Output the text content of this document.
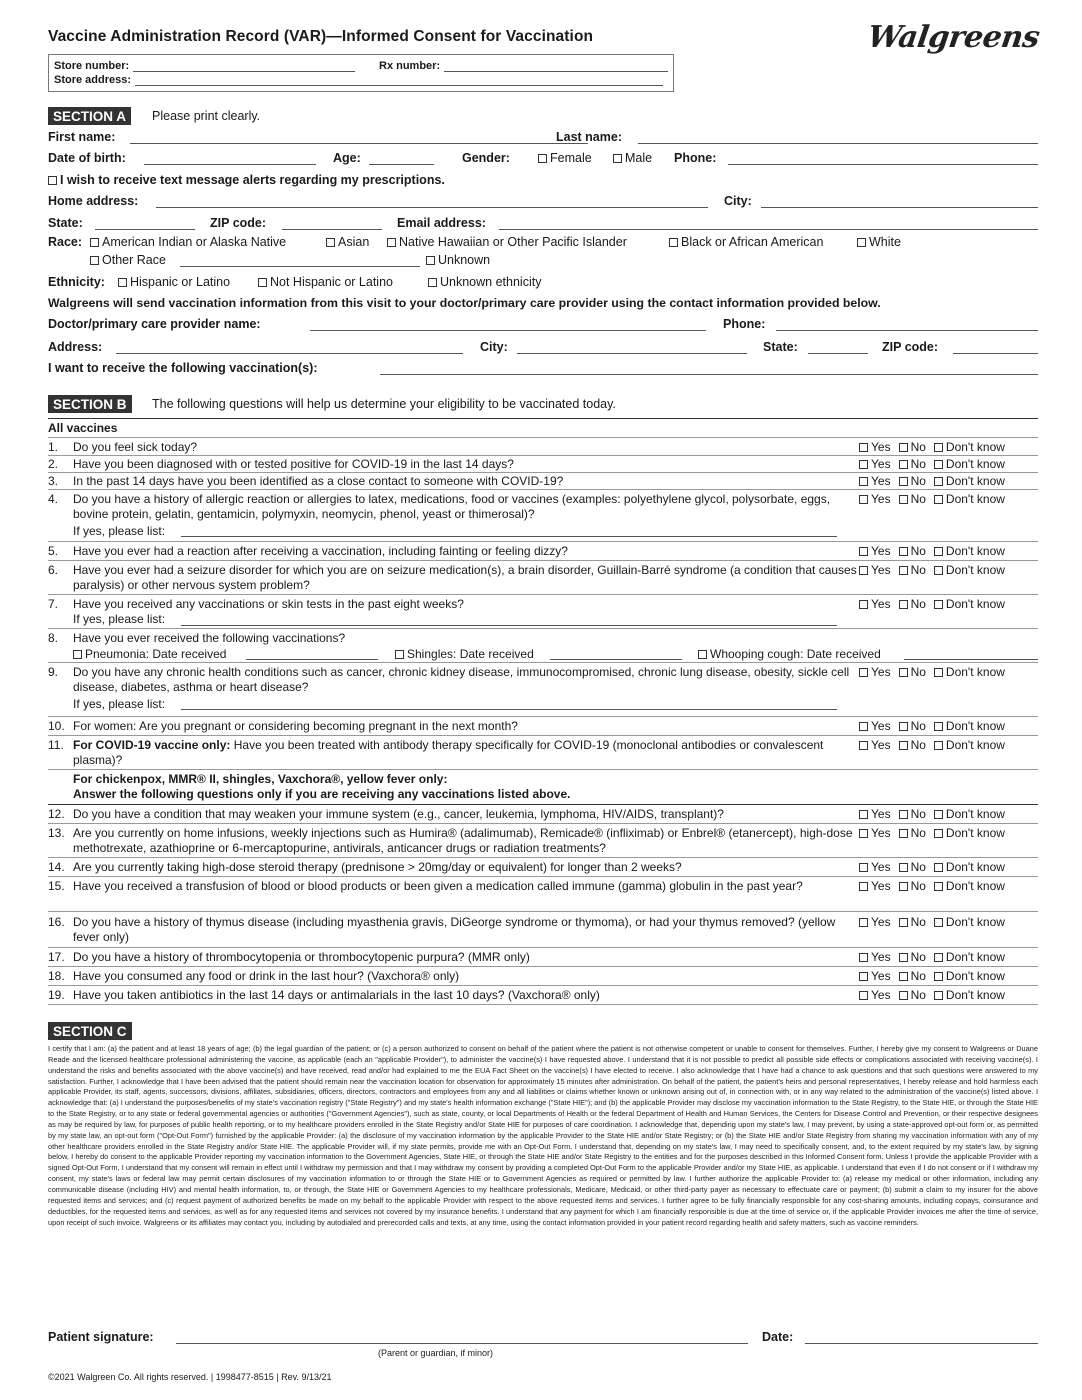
Vaccine Administration Record (VAR)—Informed Consent for Vaccination	Walgreens
Store number:	Rx number:
Store address:
SECTION A	Please print clearly.
First name:	Last name:
Date of birth:	Age:	Gender:	Female	Male Phone:
I wish to receive text message alerts regarding my prescriptions.
Home address:	City:
State:	ZIP code:	Email address:
Race:	American Indian or Alaska Native	Asian	Native Hawaiian or Other Pacific Islander	Black or African American	White
Other Race	Unknown
Ethnicity:	Hispanic or Latino	Not Hispanic or Latino	Unknown ethnicity
Walgreens will send vaccination information from this visit to your doctor/primary care provider using the contact information provided below.
Doctor/primary care provider name:	Phone:
Address:	City:	State:	ZIP code:
I want to receive the following vaccination(s):
SECTION B	The following questions will help us determine your eligibility to be vaccinated today.
All vaccines
1. Do you feel sick today?	Yes No Don't know
2. Have you been diagnosed with or tested positive for COVID-19 in the last 14 days?	Yes No Don't know
3. In the past 14 days have you been identified as a close contact to someone with COVID-19?	Yes No Don't know
4. Do you have a history of allergic reaction or allergies to latex, medications, food or vaccines (examples: polyethylene glycol, polysorbate, eggs, bovine protein, gelatin, gentamicin, polymyxin, neomycin, phenol, yeast or thimerosal)?
Yes No Don't know
If yes, please list:
5. Have you ever had a reaction after receiving a vaccination, including fainting or feeling dizzy?	Yes No Don't know
6. Have you ever had a seizure disorder for which you are on seizure medication(s), a brain disorder, Guillain-Barré syndrome (a condition that causes paralysis) or other nervous system problem?
Yes No Don't know
7. Have you received any vaccinations or skin tests in the past eight weeks?	Yes No Don't know
If yes, please list:
8. Have you ever received the following vaccinations?
Pneumonia: Date received	Shingles: Date received	Whooping cough: Date received
9. Do you have any chronic health conditions such as cancer, chronic kidney disease, immunocompromised, chronic lung disease, obesity, sickle cell disease, diabetes, asthma or heart disease?
Yes No Don't know
If yes, please list:
10. For women: Are you pregnant or considering becoming pregnant in the next month?	Yes No Don't know
11. For COVID-19 vaccine only: Have you been treated with antibody therapy specifically for COVID-19 (monoclonal antibodies or convalescent plasma)?
Yes No Don't know
For chickenpox, MMR® II, shingles, Vaxchora®, yellow fever only:
Answer the following questions only if you are receiving any vaccinations listed above.
12. Do you have a condition that may weaken your immune system (e.g., cancer, leukemia, lymphoma, HIV/AIDS, transplant)?	Yes No Don't know
13. Are you currently on home infusions, weekly injections such as Humira® (adalimumab), Remicade® (infliximab) or Enbrel® (etanercept), high-dose methotrexate, azathioprine or 6-mercaptopurine, antivirals, anticancer drugs or radiation treatments?
Yes No Don't know
14. Are you currently taking high-dose steroid therapy (prednisone > 20mg/day or equivalent) for longer than 2 weeks?	Yes No Don't know
15. Have you received a transfusion of blood or blood products or been given a medication called immune (gamma) globulin in the past year?	Yes No Don't know
16. Do you have a history of thymus disease (including myasthenia gravis, DiGeorge syndrome or thymoma), or had your thymus removed? (yellow fever only)
Yes No Don't know
17. Do you have a history of thrombocytopenia or thrombocytopenic purpura? (MMR only)	Yes No Don't know
18. Have you consumed any food or drink in the last hour? (Vaxchora® only)	Yes No Don't know
19. Have you taken antibiotics in the last 14 days or antimalarials in the last 10 days? (Vaxchora® only)	Yes No Don't know
SECTION C
I certify that I am: (a) the patient and at least 18 years of age; (b) the legal guardian of the patient; or (c) a person authorized to consent on behalf of the patient where the patient is not otherwise competent or unable to consent for themselves. Further, I hereby give my consent to Walgreens or Duane Reade and the licensed healthcare professional administering the vaccine, as applicable (each an "applicable Provider"), to administer the vaccine(s) I have requested above. I understand that it is not possible to predict all possible side effects or complications associated with receiving vaccine(s). I understand the risks and benefits associated with the above vaccine(s) and have received, read and/or had explained to me the EUA Fact Sheet on the vaccine(s) I have elected to receive. I also acknowledge that I have had a chance to ask questions and that such questions were answered to my satisfaction. Further, I acknowledge that I have been advised that the patient should remain near the vaccination location for observation for approximately 15 minutes after administration. On behalf of the patient, the patient's heirs and personal representatives, I hereby release and hold harmless each applicable Provider, its staff, agents, successors, divisions, affiliates, subsidiaries, officers, directors, contractors and employees from any and all liabilities or claims whether known or unknown arising out of, in connection with, or in any way related to the administration of the vaccine(s) listed above. I acknowledge that: (a) I understand the purposes/benefits of my state's vaccination registry ("State Registry") and my state's health information exchange ("State HIE"); and (b) the applicable Provider may disclose my vaccination information to the State Registry, to the State HIE, or through the State HIE to the State Registry, or to any state or federal governmental agencies or authorities ("Government Agencies"), such as state, county, or local Departments of Health or the federal Department of Health and Human Services, the Centers for Disease Control and Prevention, or their respective designees as may be required by law, for purposes of public health reporting, or to my healthcare providers enrolled in the State Registry and/or State HIE for purposes of care coordination. I acknowledge that, depending upon my state's law, I may prevent, by using a state-approved opt-out form or, as permitted by my state law, an opt-out form ("Opt-Out Form") furnished by the applicable Provider: (a) the disclosure of my vaccination information by the applicable Provider to the State HIE and/or State Registry; or (b) the State HIE and/or State Registry from sharing my vaccination information with any of my other healthcare providers enrolled in the State Registry and/or State HIE. The applicable Provider will, if my state permits, provide me with an Opt-Out Form. I understand that, depending on my state's law, I may need to specifically consent, and, to the extent required by my state's law, by signing below, I hereby do consent to the applicable Provider reporting my vaccination information to the Government Agencies, State HIE, or through the State HIE and/or State Registry to the entities and for the purposes described in this Informed Consent form. Unless I provide the applicable Provider with a signed Opt-Out Form, I understand that my consent will remain in effect until I withdraw my permission and that I may withdraw my consent by providing a completed Opt-Out Form to the applicable Provider and/or my State HIE, as applicable. I understand that even if I do not consent or if I withdraw my consent, my state's laws or federal law may permit certain disclosures of my vaccination information to or through the State HIE or to Government Agencies as required or permitted by law. I further authorize the applicable Provider to: (a) release my medical or other information, including any communicable disease (including HIV) and mental health information, to, or through, the State HIE or Government Agencies to my healthcare professionals, Medicare, Medicaid, or other third-party payer as necessary to effectuate care or payment; (b) submit a claim to my insurer for the above requested items and services; and (c) request payment of authorized benefits be made on my behalf to the applicable Provider with respect to the above requested items and services. I further agree to be fully financially responsible for any cost-sharing amounts, including copays, coinsurance and deductibles, for the requested items and services, as well as for any requested items and services not covered by my insurance benefits. I understand that any payment for which I am financially responsible is due at the time of service or, if the applicable Provider invoices me after the time of service, upon receipt of such invoice. Walgreens or its affiliates may contact you, including by autodialed and prerecorded calls and texts, at any time, using the contact information provided in your patient record regarding health and safety matters, such as vaccine reminders.
Patient signature:	Date:
(Parent or guardian, if minor)
©2021 Walgreen Co. All rights reserved. | 1998477-8515 | Rev. 9/13/21
